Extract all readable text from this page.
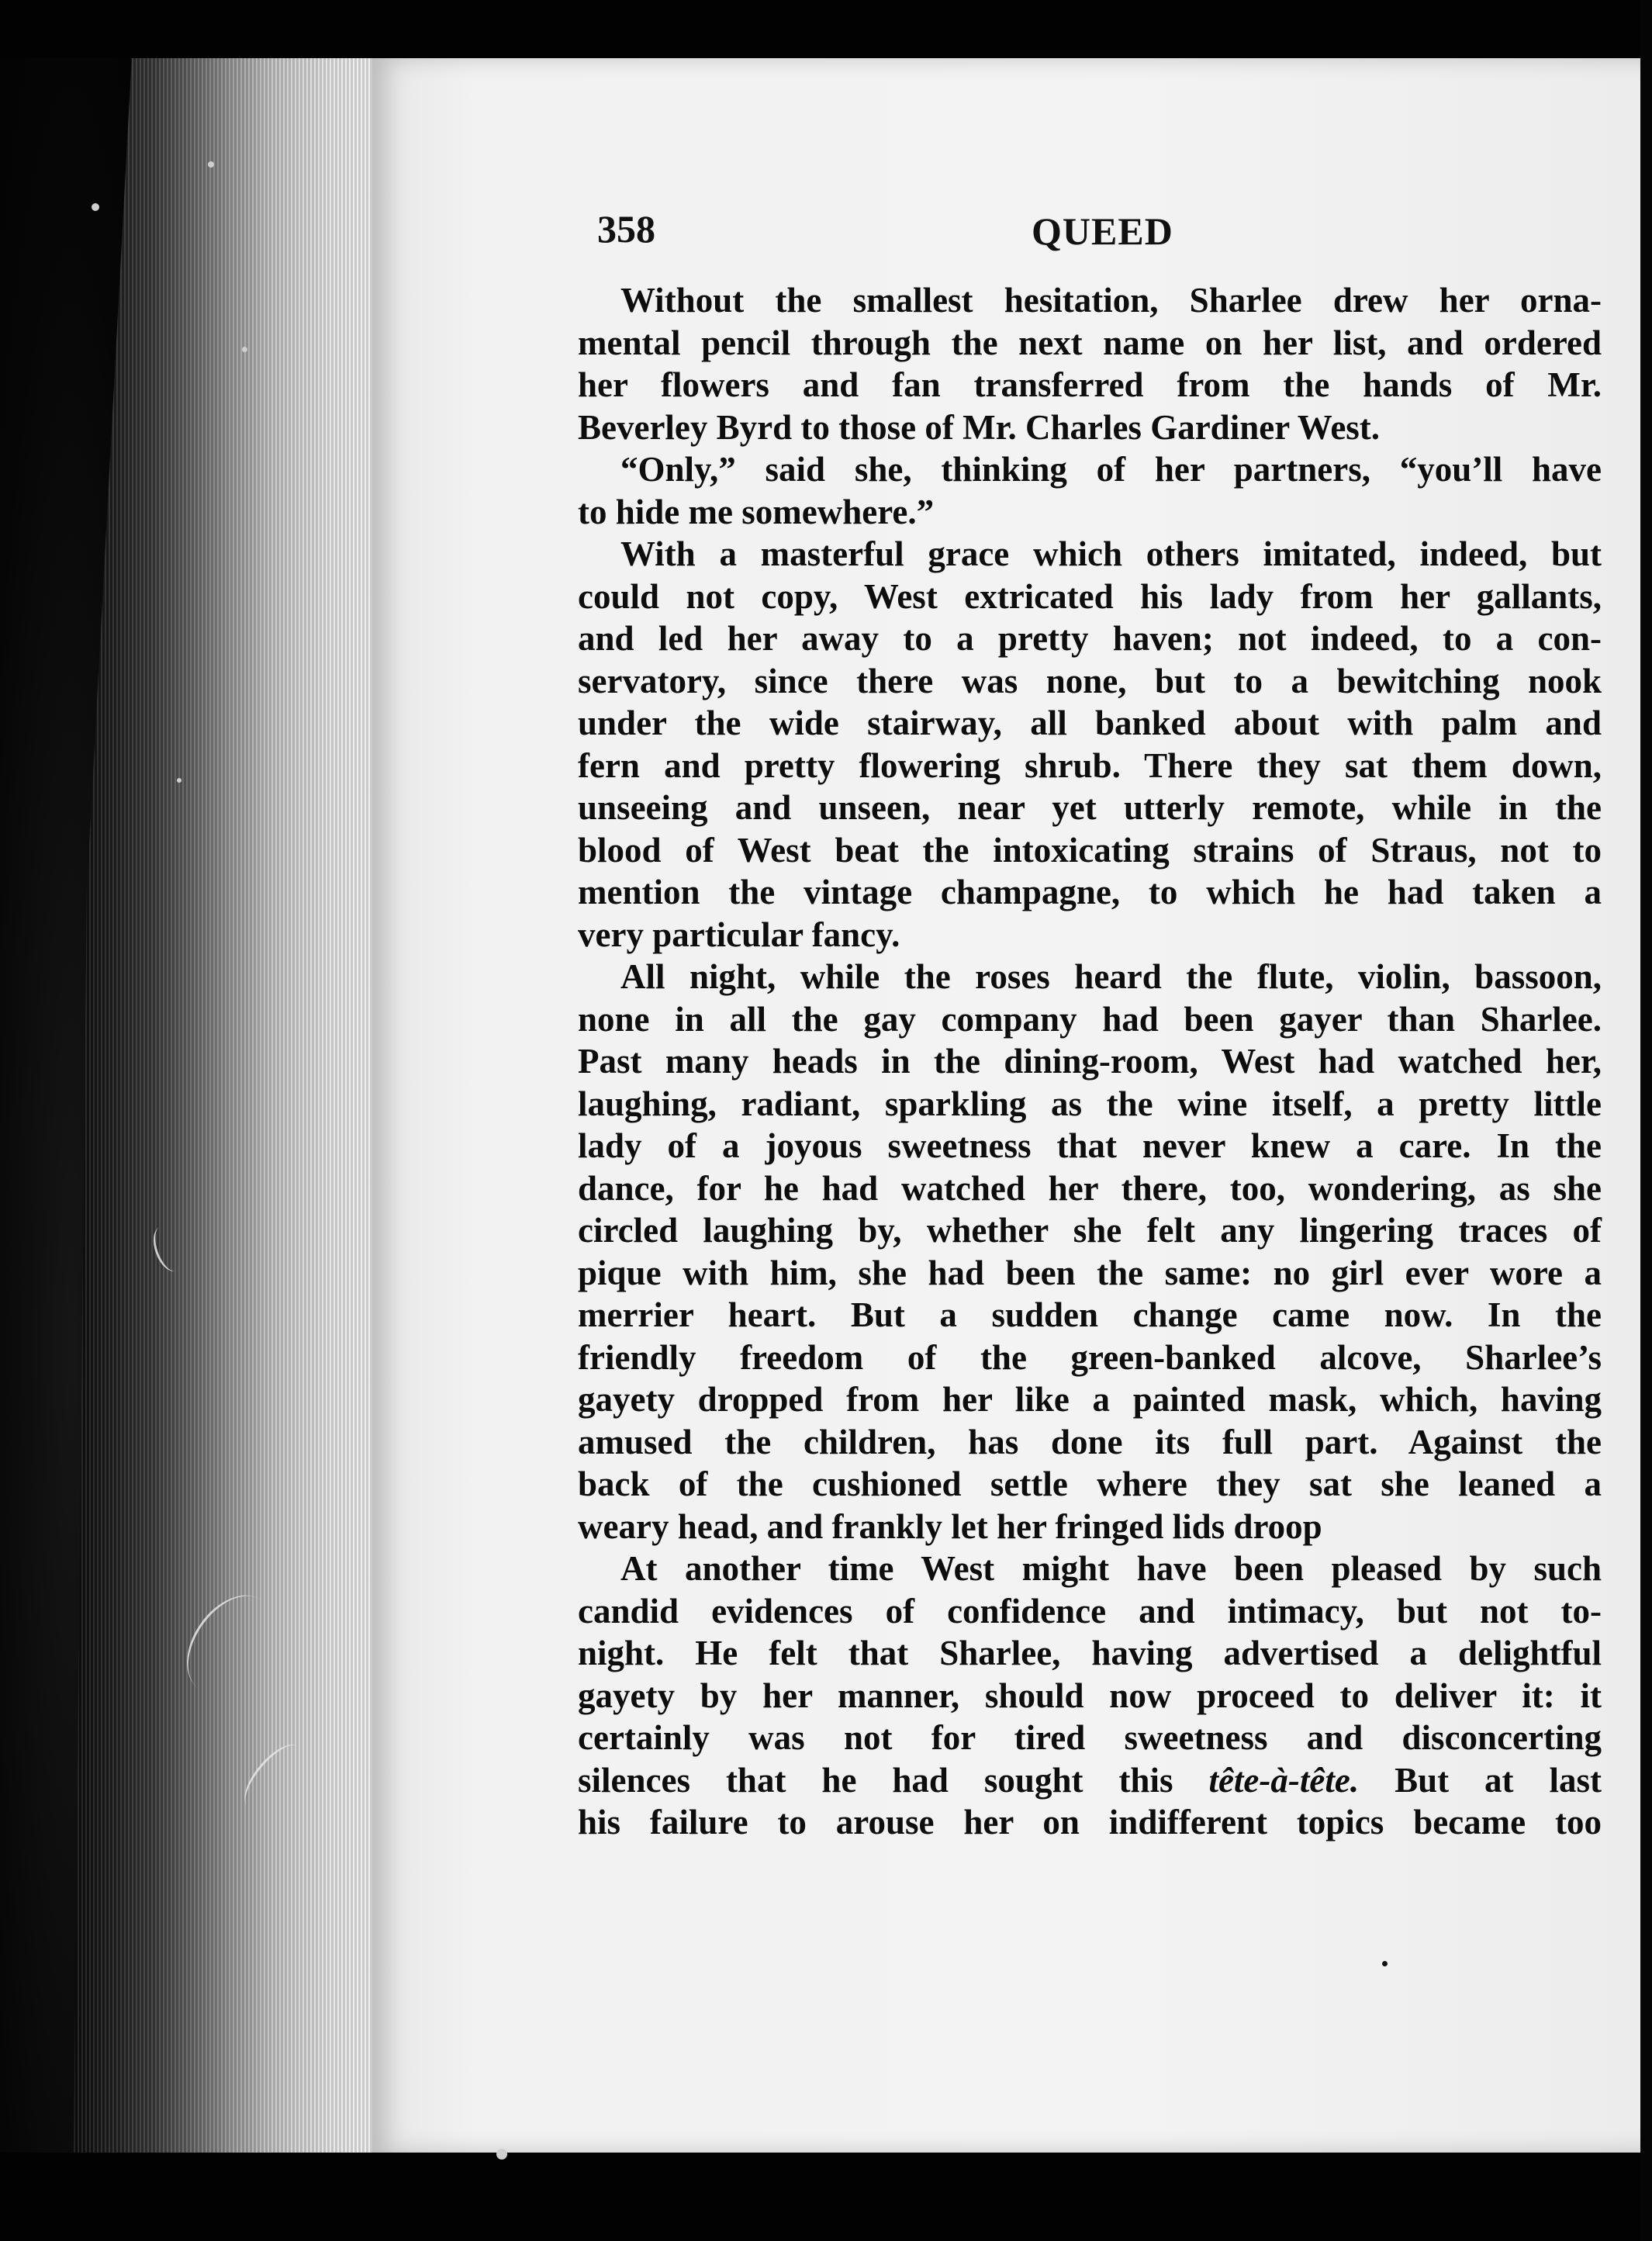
358	QUEED
Without the smallest hesitation, Sharlee drew her orna-
mental pencil through the next name on her list, and ordered
her flowers and fan transferred from the hands of Mr.
Beverley Byrd to those of Mr. Charles Gardiner West.
“Only,” said she, thinking of her partners, “you’ll have
to hide me somewhere.”
With a masterful grace which others imitated, indeed, but
could not copy, West extricated his lady from her gallants,
and led her away to a pretty haven; not indeed, to a con-
servatory, since there was none, but to a bewitching nook
under the wide stairway, all banked about with palm and
fern and pretty flowering shrub. There they sat them down,
unseeing and unseen, near yet utterly remote, while in the
blood of West beat the intoxicating strains of Straus, not to
mention the vintage champagne, to which he had taken a
very particular fancy.
All night, while the roses heard the flute, violin, bassoon,
none in all the gay company had been gayer than Sharlee.
Past many heads in the dining-room, West had watched her,
laughing, radiant, sparkling as the wine itself, a pretty little
lady of a joyous sweetness that never knew a care. In the
dance, for he had watched her there, too, wondering, as she
circled laughing by, whether she felt any lingering traces of
pique with him, she had been the same: no girl ever wore a
merrier heart. But a sudden change came now. In the
friendly freedom of the green-banked alcove, Sharlee’s
gayety dropped from her like a painted mask, which, having
amused the children, has done its full part. Against the
back of the cushioned settle where they sat she leaned a
weary head, and frankly let her fringed lids droop
At another time West might have been pleased by such
candid evidences of confidence and intimacy, but not to-
night. He felt that Sharlee, having advertised a delightful
gayety by her manner, should now proceed to deliver it: it
certainly was not for tired sweetness and disconcerting
silences that he had sought this tête-à-tête. But at last
his failure to arouse her on indifferent topics became too
